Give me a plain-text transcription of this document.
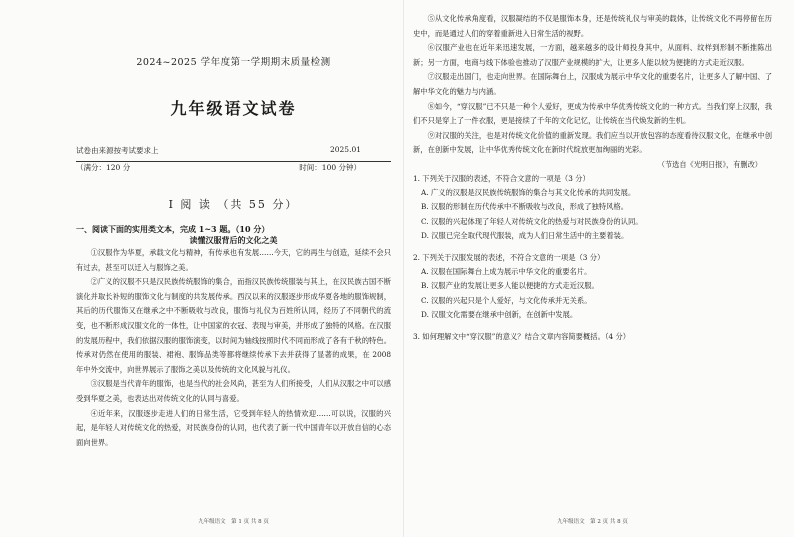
2024~2025 学年度第一学期期末质量检测

九年级语文试卷

试卷由来源按考试要求上	2025.01
（满分：120 分	时间：100 分钟）

Ⅰ 阅 读 （共 55 分）

一、阅读下面的实用类文本，完成 1~3 题。（10 分）

读懂汉服背后的文化之美

①汉服作为华夏，承载文化与精神，有传承也有发展……今天，它的再生与创造，延续不会只有过去，甚至可以迁入与服饰之美。

②广义的汉服不只是汉民族传统服饰的集合，而指汉民族传统服装与其上，在汉民族古国不断演化并取长补短的服饰文化与制度的共发展传承。西汉以来的汉服逐步形成华夏各地的服饰规制，其后的历代服饰又在继承之中不断吸收与改良，服饰与礼仪为百姓所认同，经历了不同朝代的流变，也不断形成汉服文化的一体性，让中国家的衣冠、表现与审美，并形成了独特的风格。在汉服的发展历程中，我们依据汉服的服饰演变，以时间为轴线按照时代不同而形成了各有千秋的特色。传承对仍然在使用的服装、裙袍、服饰品类等都将继续传承下去并获得了显著的成果，在 2008 年中外交流中，向世界展示了服饰之美以及传统的文化风貌与礼仪。

③汉服是当代青年的服饰，也是当代的社会风尚，甚至为人们所接受，人们从汉服之中可以感受到华夏之美，也表达出对传统文化的认同与喜爱。

④近年来，汉服逐步走进人们的日常生活，它受到年轻人的热情欢迎……可以说，汉服的兴起，是年轻人对传统文化的热爱，对民族身份的认同，也代表了新一代中国青年以开放自信的心态面向世界。

九年级语文　第 1 页 共 8 页

⑤从文化传承角度看，汉服凝结的不仅是服饰本身，还是传统礼仪与审美的载体，让传统文化不再停留在历史中，而是通过人们的穿着重新进入日常生活的视野。

⑥汉服产业也在近年来迅速发展，一方面，越来越多的设计师投身其中，从面料、纹样到形制不断推陈出新；另一方面，电商与线下体验也推动了汉服产业规模的扩大，让更多人能以较为便捷的方式走近汉服。

⑦汉服走出国门，也走向世界。在国际舞台上，汉服成为展示中华文化的重要名片，让更多人了解中国、了解中华文化的魅力与内涵。

⑧如今，“穿汉服”已不只是一种个人爱好，更成为传承中华优秀传统文化的一种方式。当我们穿上汉服，我们不只是穿上了一件衣服，更是接续了千年的文化记忆，让传统在当代焕发新的生机。

⑨对汉服的关注，也是对传统文化价值的重新发现。我们应当以开放包容的态度看待汉服文化，在继承中创新，在创新中发展，让中华优秀传统文化在新时代绽放更加绚丽的光彩。

（节选自《光明日报》，有删改）

1. 下列关于汉服的表述，不符合文意的一项是（3 分）

A. 广义的汉服是汉民族传统服饰的集合与其文化传承的共同发展。

B. 汉服的形制在历代传承中不断吸收与改良，形成了独特风格。

C. 汉服的兴起体现了年轻人对传统文化的热爱与对民族身份的认同。

D. 汉服已完全取代现代服装，成为人们日常生活中的主要着装。

2. 下列关于汉服发展的表述，不符合文意的一项是（3 分）

A. 汉服在国际舞台上成为展示中华文化的重要名片。

B. 汉服产业的发展让更多人能以便捷的方式走近汉服。

C. 汉服的兴起只是个人爱好，与文化传承并无关系。

D. 汉服文化需要在继承中创新，在创新中发展。

3. 如何理解文中“穿汉服”的意义？结合文章内容简要概括。（4 分）

九年级语文　第 2 页 共 8 页
